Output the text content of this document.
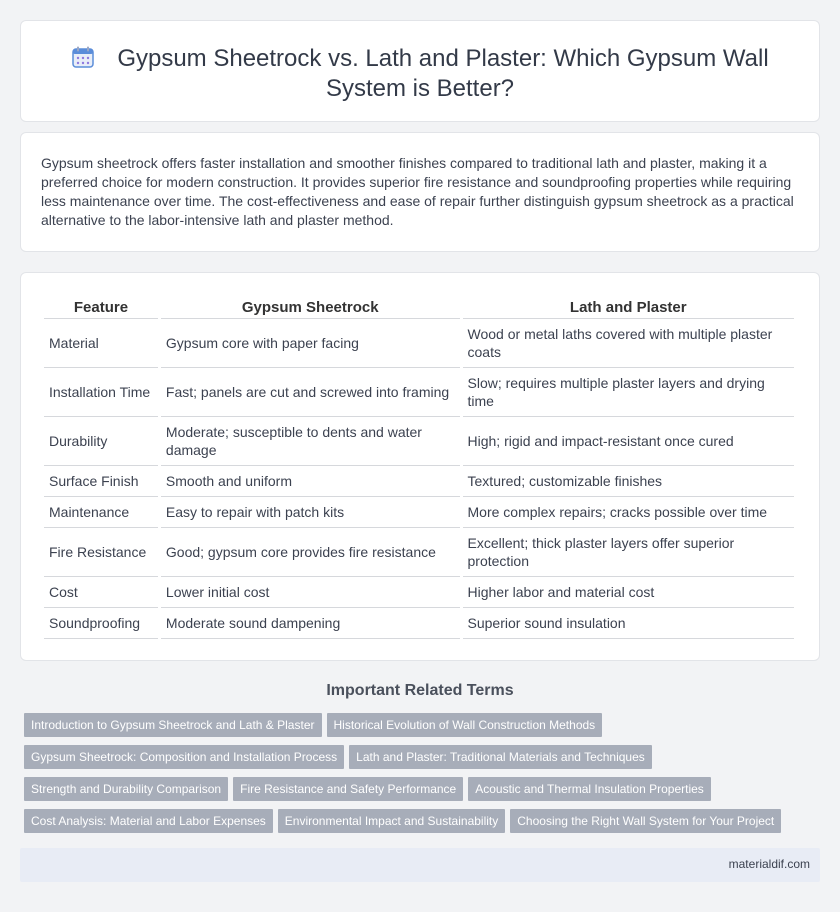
Gypsum Sheetrock vs. Lath and Plaster: Which Gypsum Wall System is Better?

Gypsum sheetrock offers faster installation and smoother finishes compared to traditional lath and plaster, making it a preferred choice for modern construction. It provides superior fire resistance and soundproofing properties while requiring less maintenance over time. The cost-effectiveness and ease of repair further distinguish gypsum sheetrock as a practical alternative to the labor-intensive lath and plaster method.

Feature	Gypsum Sheetrock	Lath and Plaster
Material	Gypsum core with paper facing	Wood or metal laths covered with multiple plaster coats
Installation Time	Fast; panels are cut and screwed into framing	Slow; requires multiple plaster layers and drying time
Durability	Moderate; susceptible to dents and water damage	High; rigid and impact-resistant once cured
Surface Finish	Smooth and uniform	Textured; customizable finishes
Maintenance	Easy to repair with patch kits	More complex repairs; cracks possible over time
Fire Resistance	Good; gypsum core provides fire resistance	Excellent; thick plaster layers offer superior protection
Cost	Lower initial cost	Higher labor and material cost
Soundproofing	Moderate sound dampening	Superior sound insulation
Important Related Terms
Introduction to Gypsum Sheetrock and Lath & Plaster Historical Evolution of Wall Construction Methods
Gypsum Sheetrock: Composition and Installation Process Lath and Plaster: Traditional Materials and Techniques
Strength and Durability Comparison Fire Resistance and Safety Performance Acoustic and Thermal Insulation Properties
Cost Analysis: Material and Labor Expenses Environmental Impact and Sustainability Choosing the Right Wall System for Your Project
materialdif.com
